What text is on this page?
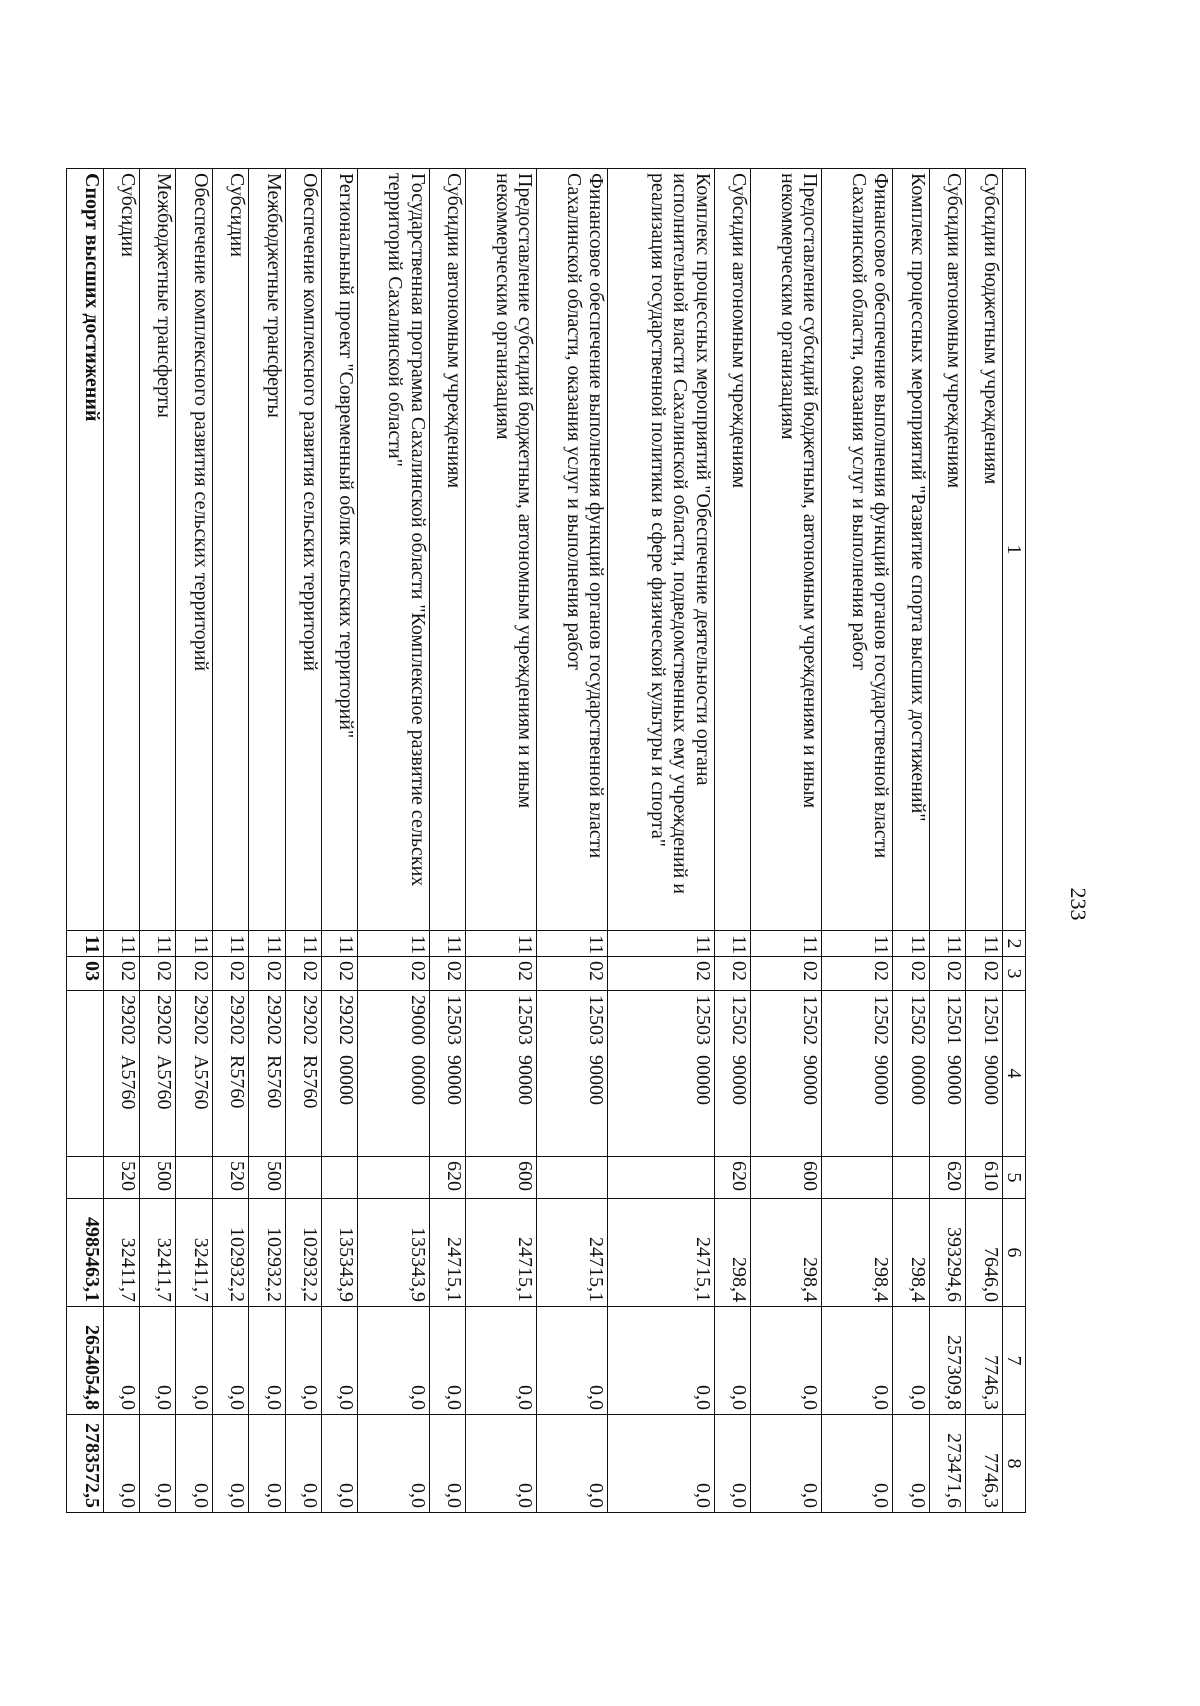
233
1	2	3	4	5	6	7	8
Субсидии бюджетным учреждениям	11	02	1250190000	610	7646,0	7746,3	7746,3
Субсидии автономным учреждениям	11	02	1250190000	620	393294,6	257309,8	273471,6
Комплекс процессных мероприятий "Развитие спорта высших достижений"	11	02	1250200000		298,4	0,0	0,0
Финансовое обеспечение выполнения функций органов государственной власти Сахалинской области, оказания услуг и выполнения работ	11	02	1250290000		298,4	0,0	0,0
Предоставление субсидий бюджетным, автономным учреждениям и иным некоммерческим организациям	11	02	1250290000	600	298,4	0,0	0,0
Субсидии автономным учреждениям	11	02	1250290000	620	298,4	0,0	0,0
Комплекс процессных мероприятий "Обеспечение деятельности органа исполнительной власти Сахалинской области, подведомственных ему учреждений и реализация государственной политики в сфере физической культуры и спорта"	11	02	1250300000		24715,1	0,0	0,0
Финансовое обеспечение выполнения функций органов государственной власти Сахалинской области, оказания услуг и выполнения работ	11	02	1250390000		24715,1	0,0	0,0
Предоставление субсидий бюджетным, автономным учреждениям и иным некоммерческим организациям	11	02	1250390000	600	24715,1	0,0	0,0
Субсидии автономным учреждениям	11	02	1250390000	620	24715,1	0,0	0,0
Государственная программа Сахалинской области "Комплексное развитие сельских территорий Сахалинской области"	11	02	2900000000		135343,9	0,0	0,0
Региональный проект "Современный облик сельских территорий"	11	02	2920200000		135343,9	0,0	0,0
Обеспечение комплексного развития сельских территорий	11	02	29202R5760		102932,2	0,0	0,0
Межбюджетные трансферты	11	02	29202R5760	500	102932,2	0,0	0,0
Субсидии	11	02	29202R5760	520	102932,2	0,0	0,0
Обеспечение комплексного развития сельских территорий	11	02	29202A5760		32411,7	0,0	0,0
Межбюджетные трансферты	11	02	29202A5760	500	32411,7	0,0	0,0
Субсидии	11	02	29202A5760	520	32411,7	0,0	0,0
Спорт высших достижений	11	03			4985463,1	2654054,8	2783572,5
